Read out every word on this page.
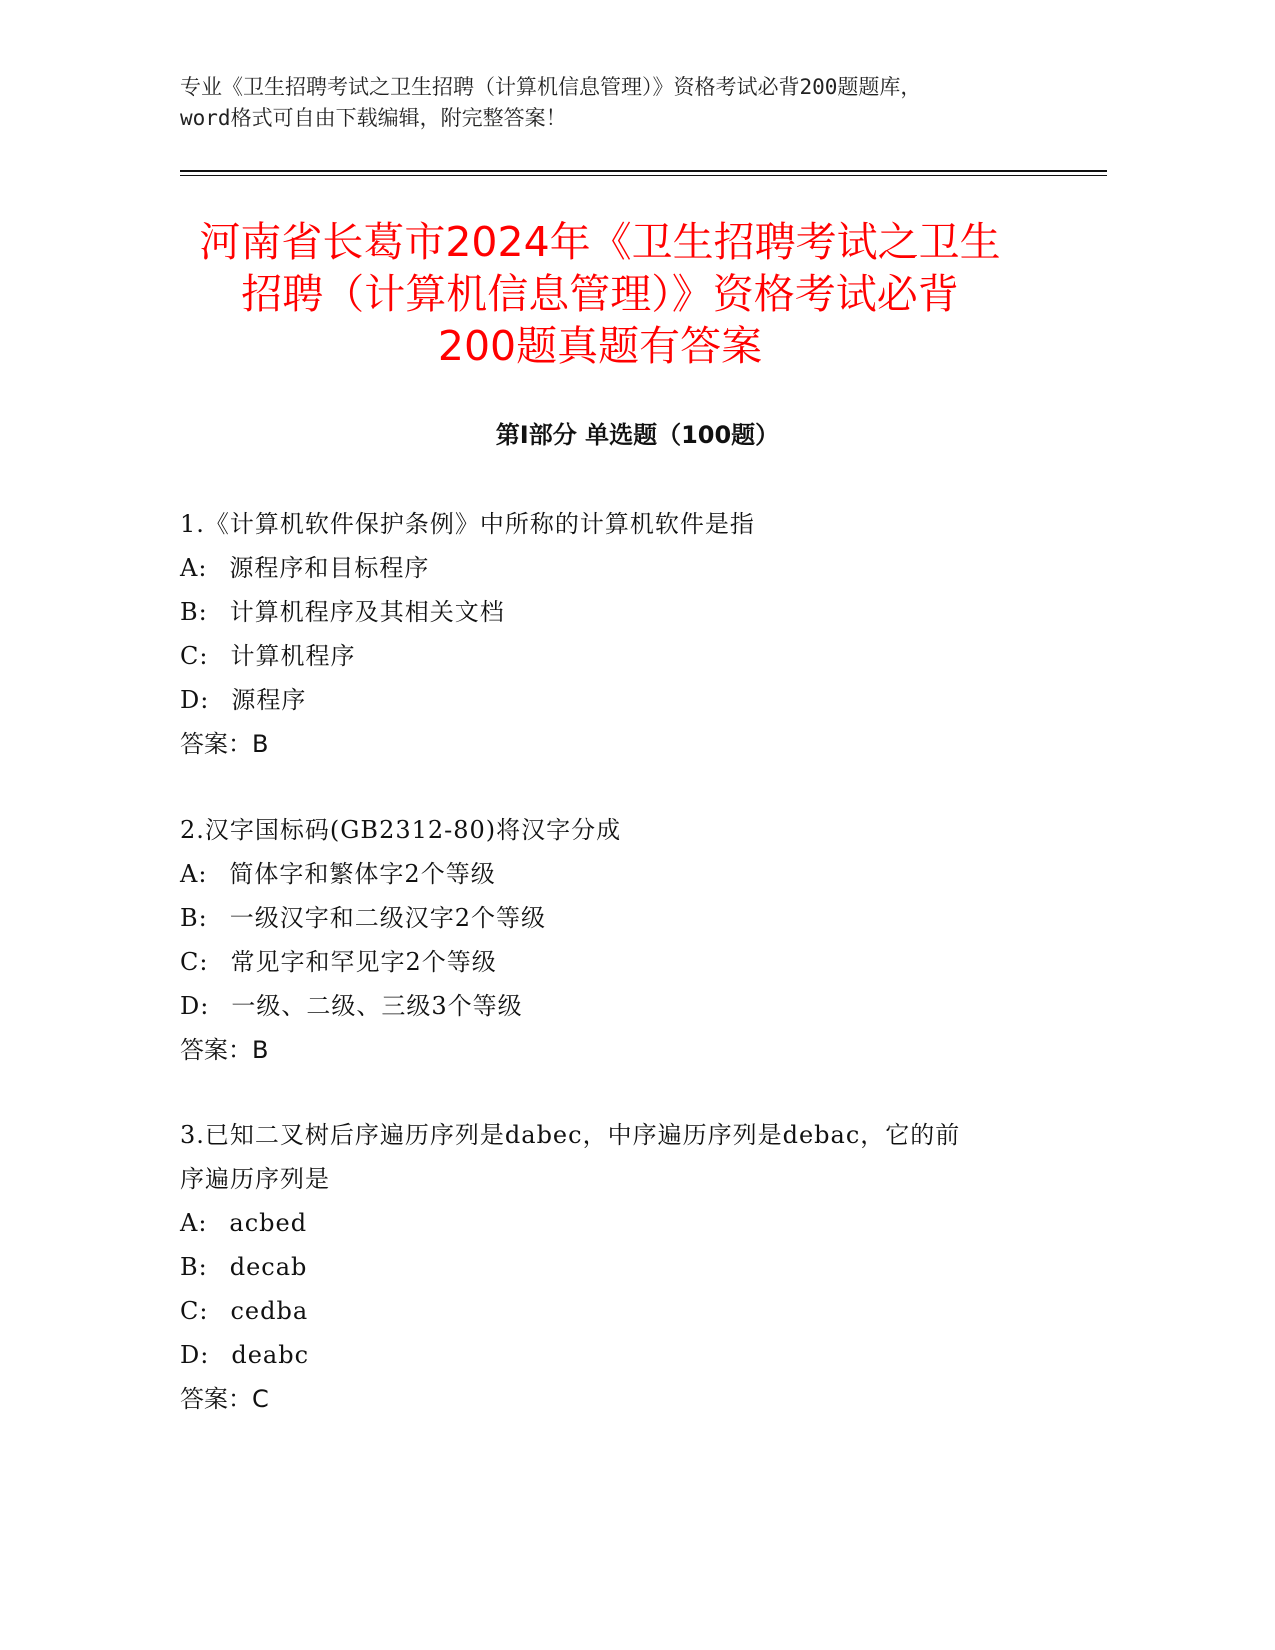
专业《卫生招聘考试之卫生招聘（计算机信息管理）》资格考试必背200题题库，
word格式可自由下载编辑，附完整答案！
河南省长葛市2024年《卫生招聘考试之卫生
招聘（计算机信息管理）》资格考试必背
200题真题有答案
第Ⅰ部分 单选题（100题）
1.《计算机软件保护条例》中所称的计算机软件是指
A: 源程序和目标程序
B: 计算机程序及其相关文档
C: 计算机程序
D: 源程序
答案：B
2.汉字国标码(GB2312-80)将汉字分成
A: 简体字和繁体字2个等级
B: 一级汉字和二级汉字2个等级
C: 常见字和罕见字2个等级
D: 一级、二级、三级3个等级
答案：B
3.已知二叉树后序遍历序列是dabec，中序遍历序列是debac，它的前
序遍历序列是
A: acbed
B: decab
C: cedba
D: deabc
答案：C
